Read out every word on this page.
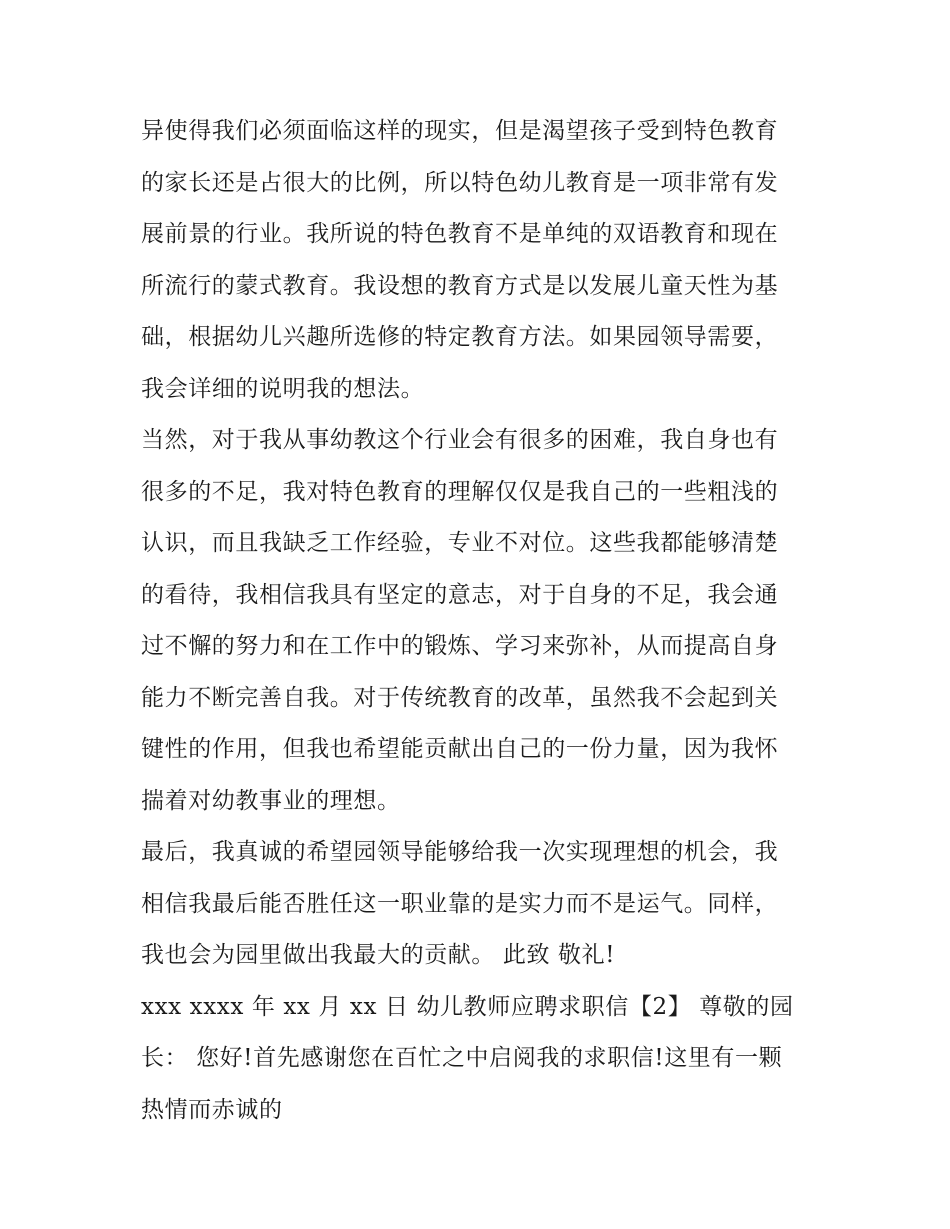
异使得我们必须面临这样的现实，但是渴望孩子受到特色教育
的家长还是占很大的比例，所以特色幼儿教育是一项非常有发
展前景的行业。我所说的特色教育不是单纯的双语教育和现在
所流行的蒙式教育。我设想的教育方式是以发展儿童天性为基
础，根据幼儿兴趣所选修的特定教育方法。如果园领导需要，
我会详细的说明我的想法。
当然，对于我从事幼教这个行业会有很多的困难，我自身也有
很多的不足，我对特色教育的理解仅仅是我自己的一些粗浅的
认识，而且我缺乏工作经验，专业不对位。这些我都能够清楚
的看待，我相信我具有坚定的意志，对于自身的不足，我会通
过不懈的努力和在工作中的锻炼、学习来弥补，从而提高自身
能力不断完善自我。对于传统教育的改革，虽然我不会起到关
键性的作用，但我也希望能贡献出自己的一份力量，因为我怀
揣着对幼教事业的理想。
最后，我真诚的希望园领导能够给我一次实现理想的机会，我
相信我最后能否胜任这一职业靠的是实力而不是运气。同样，
我也会为园里做出我最大的贡献。 此致 敬礼!
xxx xxxx 年 xx 月 xx 日 幼儿教师应聘求职信【2】 尊敬的园
长： 您好!首先感谢您在百忙之中启阅我的求职信!这里有一颗
热情而赤诚的
